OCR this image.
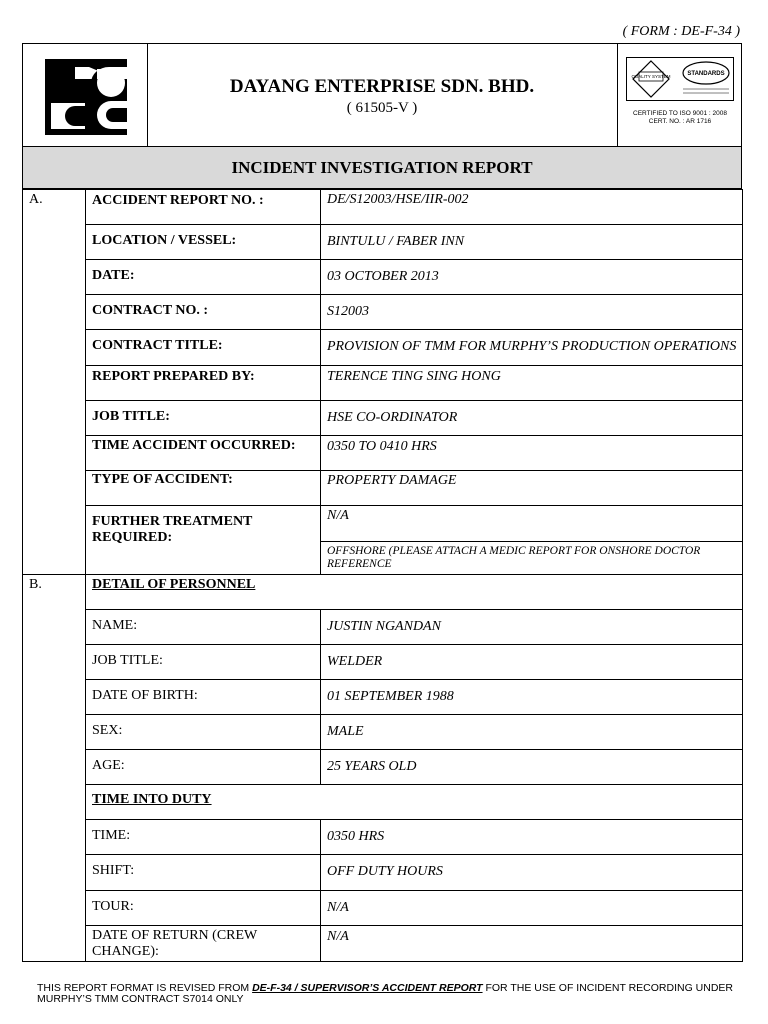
( FORM : DE-F-34 )
DAYANG ENTERPRISE SDN. BHD.
( 61505-V )
QUALITY SYSTEM	STANDARDS
CERTIFIED TO ISO 9001 : 2008
CERT. NO. : AR 1716
INCIDENT INVESTIGATION REPORT
A.	ACCIDENT REPORT NO. :	DE/S12003/HSE/IIR-002
	LOCATION / VESSEL:	BINTULU / FABER INN
	DATE:	03 OCTOBER 2013
	CONTRACT NO. :	S12003
	CONTRACT TITLE:	PROVISION OF TMM FOR MURPHY’S PRODUCTION OPERATIONS
	REPORT PREPARED BY:	TERENCE TING SING HONG
	JOB TITLE:	HSE CO-ORDINATOR
	TIME ACCIDENT OCCURRED:	0350 TO 0410 HRS
	TYPE OF ACCIDENT:	PROPERTY DAMAGE
	FURTHER TREATMENT REQUIRED:	N/A
		OFFSHORE (PLEASE ATTACH A MEDIC REPORT FOR ONSHORE DOCTOR REFERENCE
B.	DETAIL OF PERSONNEL	
	NAME:	JUSTIN NGANDAN
	JOB TITLE:	WELDER
	DATE OF BIRTH:	01 SEPTEMBER 1988
	SEX:	MALE
	AGE:	25 YEARS OLD
	TIME INTO DUTY	
	TIME:	0350 HRS
	SHIFT:	OFF DUTY HOURS
	TOUR:	N/A
	DATE OF RETURN (CREW CHANGE):	N/A
THIS REPORT FORMAT IS REVISED FROM DE-F-34 / SUPERVISOR’S ACCIDENT REPORT FOR THE USE OF INCIDENT RECORDING UNDER MURPHY’S TMM CONTRACT S7014 ONLY
